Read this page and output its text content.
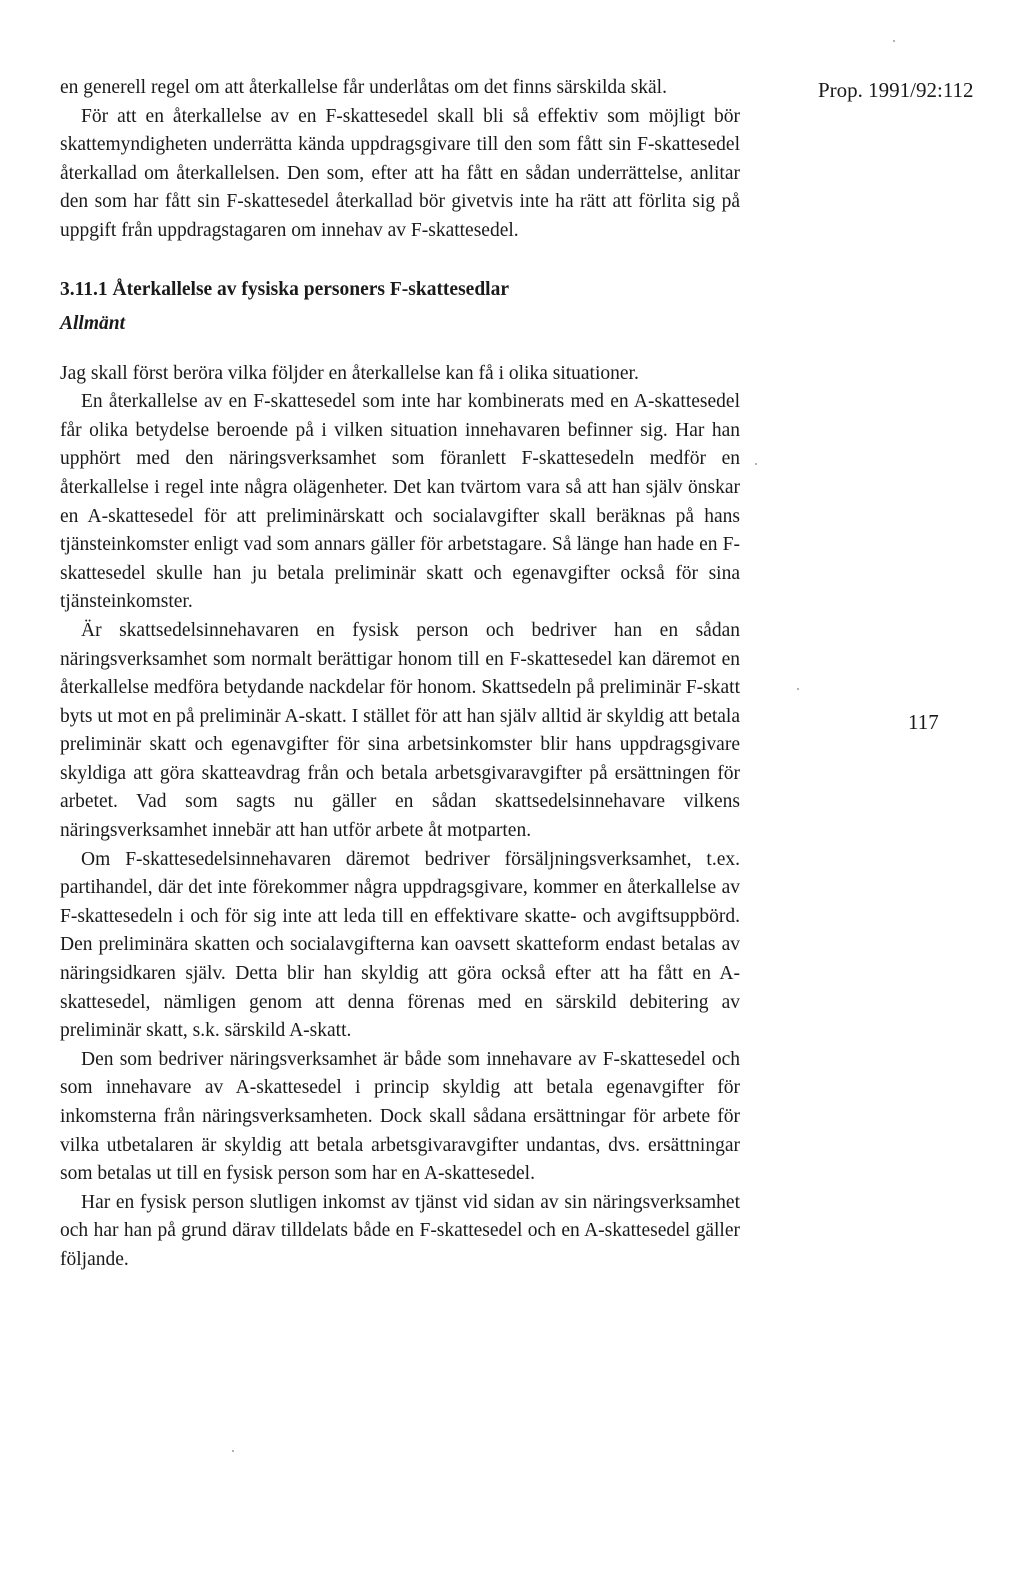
Prop. 1991/92:112

en generell regel om att återkallelse får underlåtas om det finns särskilda skäl.

För att en återkallelse av en F-skattesedel skall bli så effektiv som möjligt bör skattemyndigheten underrätta kända uppdragsgivare till den som fått sin F-skattesedel återkallad om återkallelsen. Den som, efter att ha fått en sådan underrättelse, anlitar den som har fått sin F-skattesedel återkallad bör givetvis inte ha rätt att förlita sig på uppgift från uppdragstagaren om innehav av F-skattesedel.

3.11.1 Återkallelse av fysiska personers F-skattesedlar
Allmänt

Jag skall först beröra vilka följder en återkallelse kan få i olika situationer.

En återkallelse av en F-skattesedel som inte har kombinerats med en A-skattesedel får olika betydelse beroende på i vilken situation innehavaren befinner sig. Har han upphört med den näringsverksamhet som föranlett F-skattesedeln medför en återkallelse i regel inte några olägenheter. Det kan tvärtom vara så att han själv önskar en A-skattesedel för att preliminärskatt och socialavgifter skall beräknas på hans tjänsteinkomster enligt vad som annars gäller för arbetstagare. Så länge han hade en F-skattesedel skulle han ju betala preliminär skatt och egenavgifter också för sina tjänsteinkomster.

Är skattsedelsinnehavaren en fysisk person och bedriver han en sådan näringsverksamhet som normalt berättigar honom till en F-skattesedel kan däremot en återkallelse medföra betydande nackdelar för honom. Skattsedeln på preliminär F-skatt byts ut mot en på preliminär A-skatt. I stället för att han själv alltid är skyldig att betala preliminär skatt och egenavgifter för sina arbetsinkomster blir hans uppdragsgivare skyldiga att göra skatteavdrag från och betala arbetsgivaravgifter på ersättningen för arbetet. Vad som sagts nu gäller en sådan skattsedelsinnehavare vilkens näringsverksamhet innebär att han utför arbete åt motparten.

Om F-skattesedelsinnehavaren däremot bedriver försäljningsverksamhet, t.ex. partihandel, där det inte förekommer några uppdragsgivare, kommer en återkallelse av F-skattesedeln i och för sig inte att leda till en effektivare skatte- och avgiftsuppbörd. Den preliminära skatten och socialavgifterna kan oavsett skatteform endast betalas av näringsidkaren själv. Detta blir han skyldig att göra också efter att ha fått en A-skattesedel, nämligen genom att denna förenas med en särskild debitering av preliminär skatt, s.k. särskild A-skatt.

Den som bedriver näringsverksamhet är både som innehavare av F-skattesedel och som innehavare av A-skattesedel i princip skyldig att betala egenavgifter för inkomsterna från näringsverksamheten. Dock skall sådana ersättningar för arbete för vilka utbetalaren är skyldig att betala arbetsgivaravgifter undantas, dvs. ersättningar som betalas ut till en fysisk person som har en A-skattesedel.

Har en fysisk person slutligen inkomst av tjänst vid sidan av sin näringsverksamhet och har han på grund därav tilldelats både en F-skattesedel och en A-skattesedel gäller följande.

117
